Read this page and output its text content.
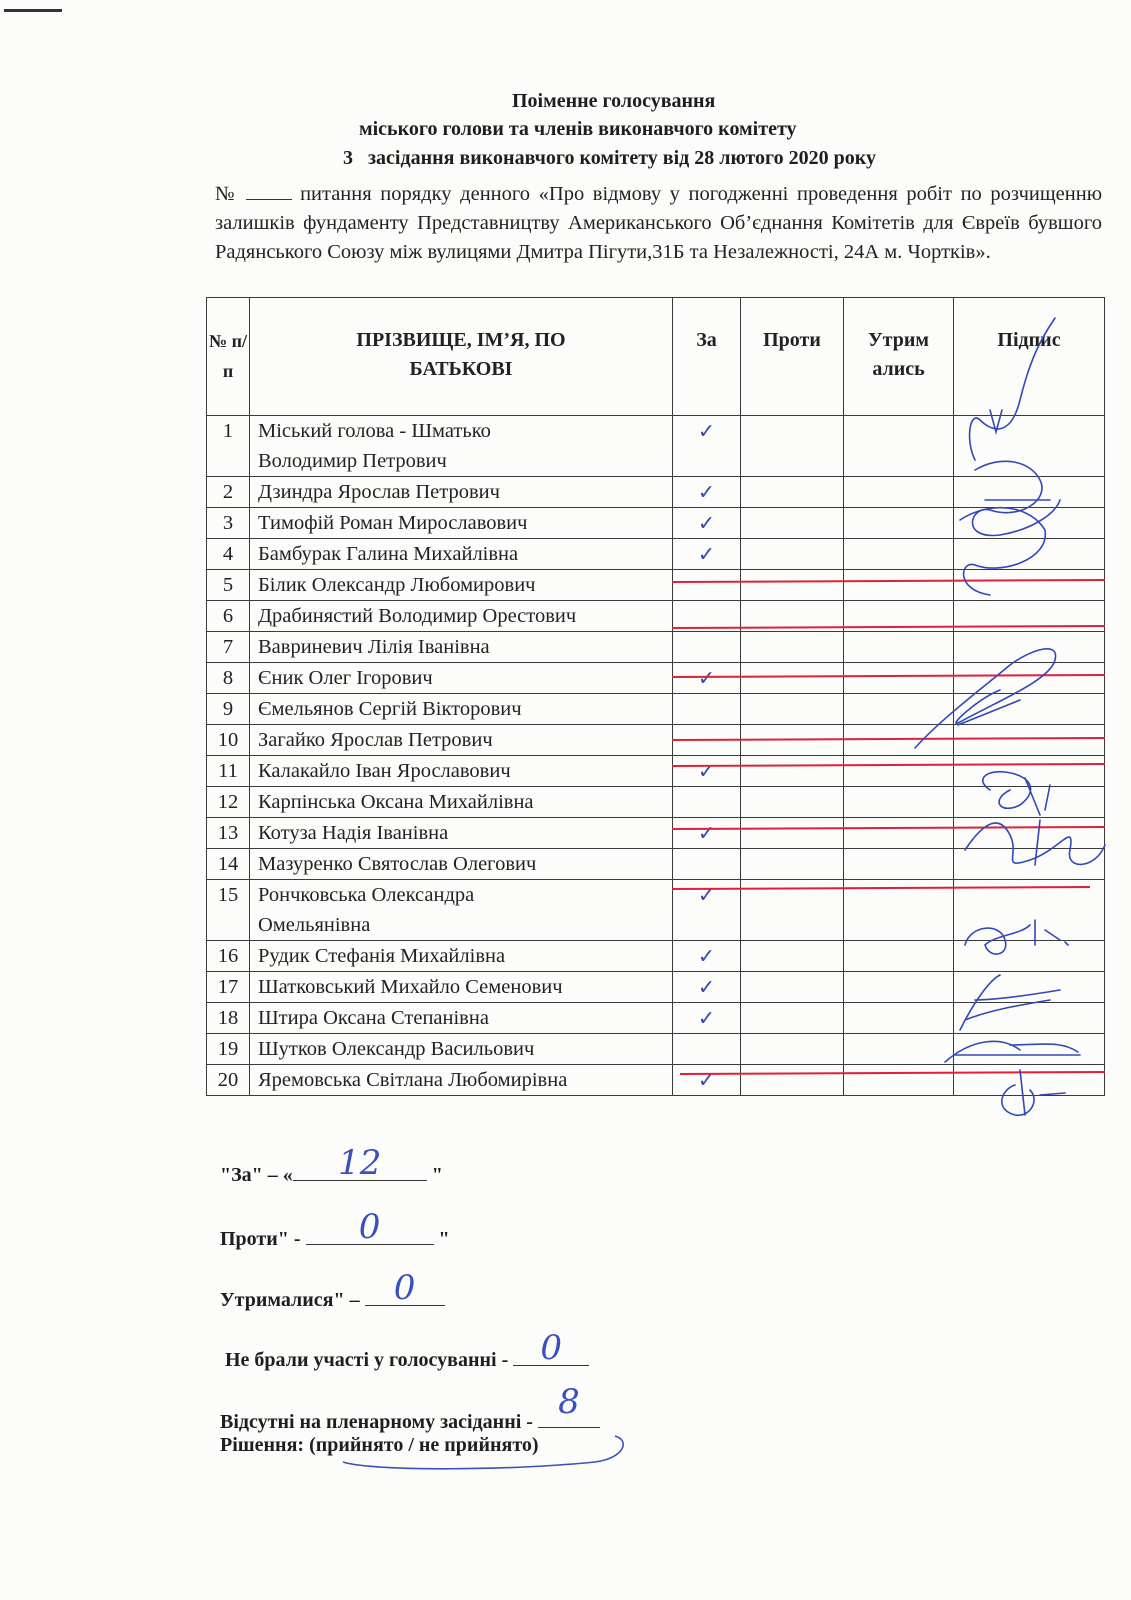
Поіменне голосування
міського голови та членів виконавчого комітету
3 засідання виконавчого комітету від 28 лютого 2020 року
№	питання порядку денного «Про відмову у погодженні проведення робіт по розчищенню залишків фундаменту Представництву Американського Об’єднання Комітетів для Євреїв бувшого Радянського Союзу між вулицями Дмитра Пігути,31Б та Незалежності, 24А м. Чортків».
№ п/п	ПРІЗВИЩЕ, ІМ’Я, ПО БАТЬКОВІ	За	Проти	Утрим ались	Підпис
1	Міський голова - Шматько Володимир Петрович	✓			
2	Дзиндра Ярослав Петрович	✓			
3	Тимофій Роман Мирославович	✓			
4	Бамбурак Галина Михайлівна	✓			
5	Білик Олександр Любомирович				
6	Драбинястий Володимир Орестович				
7	Вавриневич Лілія Іванівна				
8	Єник Олег Ігорович	✓			
9	Ємельянов Сергій Вікторович				
10	Загайко Ярослав Петрович				
11	Калакайло Іван Ярославович	✓			
12	Карпінська Оксана Михайлівна				
13	Котуза Надія Іванівна	✓			
14	Мазуренко Святослав Олегович				
15	Рончковська Олександра Омельянівна	✓			
16	Рудик Стефанія Михайлівна	✓			
17	Шатковський Михайло Семенович	✓			
18	Штира Оксана Степанівна	✓			
19	Шутков Олександр Васильович				
20	Яремовська Світлана Любомирівна	✓			
"За" – «	12	"
Проти" -	0	"
Утрималися" – 0
Не брали участі у голосуванні - 0
Відсутні на пленарному засіданні - 8
Рішення: (прийнято / не прийнято)
